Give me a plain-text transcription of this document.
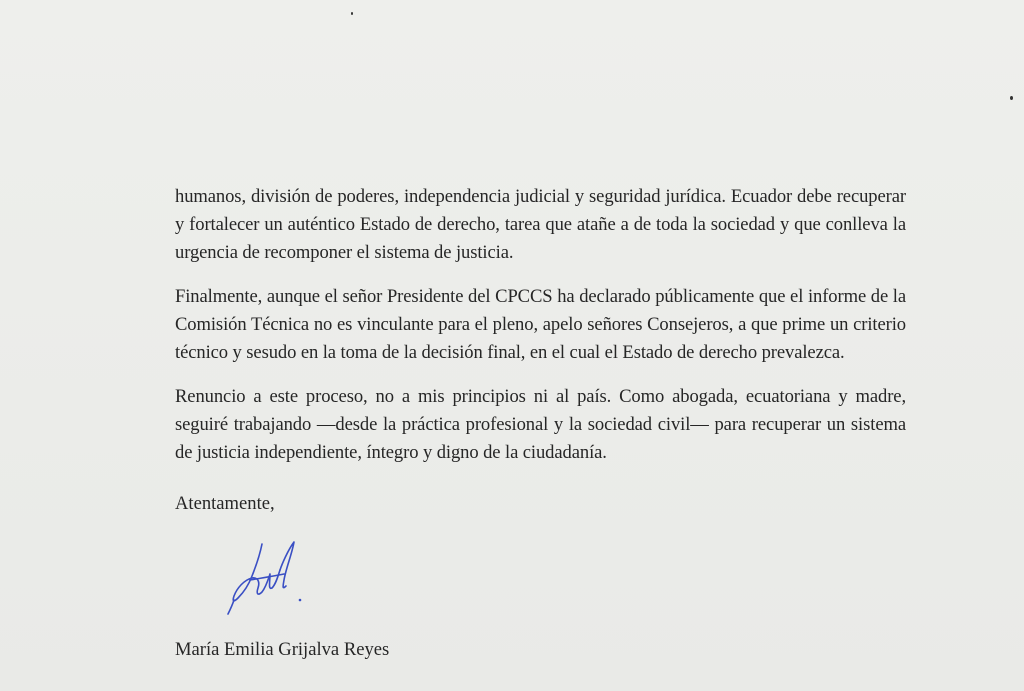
humanos, división de poderes, independencia judicial y seguridad jurídica. Ecuador debe recuperar y fortalecer un auténtico Estado de derecho, tarea que atañe a de toda la sociedad y que conlleva la urgencia de recomponer el sistema de justicia.

Finalmente, aunque el señor Presidente del CPCCS ha declarado públicamente que el informe de la Comisión Técnica no es vinculante para el pleno, apelo señores Consejeros, a que prime un criterio técnico y sesudo en la toma de la decisión final, en el cual el Estado de derecho prevalezca.

Renuncio a este proceso, no a mis principios ni al país. Como abogada, ecuatoriana y madre, seguiré trabajando —desde la práctica profesional y la sociedad civil— para recuperar un sistema de justicia independiente, íntegro y digno de la ciudadanía.

Atentamente,
María Emilia Grijalva Reyes
